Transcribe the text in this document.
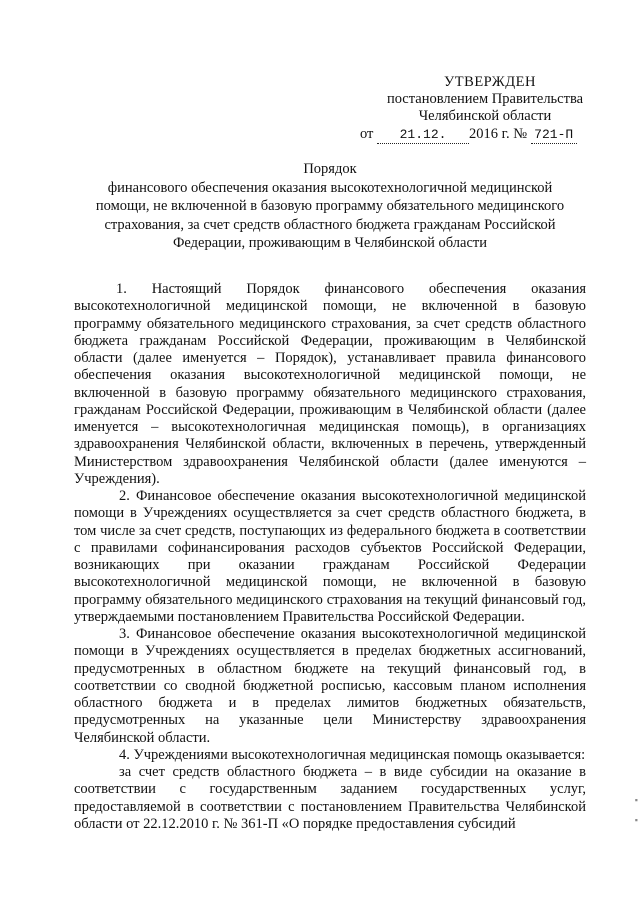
УТВЕРЖДЕН
постановлением Правительства
Челябинской области
от 21.12. 2016 г. № 721-П
Порядок
финансового обеспечения оказания высокотехнологичной медицинской
помощи, не включенной в базовую программу обязательного медицинского
страхования, за счет средств областного бюджета гражданам Российской
Федерации, проживающим в Челябинской области

1. Настоящий Порядок финансового обеспечения оказания высокотехнологичной медицинской помощи, не включенной в базовую программу обязательного медицинского страхования, за счет средств областного бюджета гражданам Российской Федерации, проживающим в Челябинской области (далее именуется – Порядок), устанавливает правила финансового обеспечения оказания высокотехнологичной медицинской помощи, не включенной в базовую программу обязательного медицинского страхования, гражданам Российской Федерации, проживающим в Челябинской области (далее именуется – высокотехнологичная медицинская помощь), в организациях здравоохранения Челябинской области, включенных в перечень, утвержденный Министерством здравоохранения Челябинской области (далее именуются – Учреждения).

2. Финансовое обеспечение оказания высокотехнологичной медицинской помощи в Учреждениях осуществляется за счет средств областного бюджета, в том числе за счет средств, поступающих из федерального бюджета в соответствии с правилами софинансирования расходов субъектов Российской Федерации, возникающих при оказании гражданам Российской Федерации высокотехнологичной медицинской помощи, не включенной в базовую программу обязательного медицинского страхования на текущий финансовый год, утверждаемыми постановлением Правительства Российской Федерации.

3. Финансовое обеспечение оказания высокотехнологичной медицинской помощи в Учреждениях осуществляется в пределах бюджетных ассигнований, предусмотренных в областном бюджете на текущий финансовый год, в соответствии со сводной бюджетной росписью, кассовым планом исполнения областного бюджета и в пределах лимитов бюджетных обязательств, предусмотренных на указанные цели Министерству здравоохранения Челябинской области.

4. Учреждениями высокотехнологичная медицинская помощь оказывается:

за счет средств областного бюджета – в виде субсидии на оказание в соответствии с государственным заданием государственных услуг, предоставляемой в соответствии с постановлением Правительства Челябинской области от 22.12.2010 г. № 361-П «О порядке предоставления субсидий

▪
▪
